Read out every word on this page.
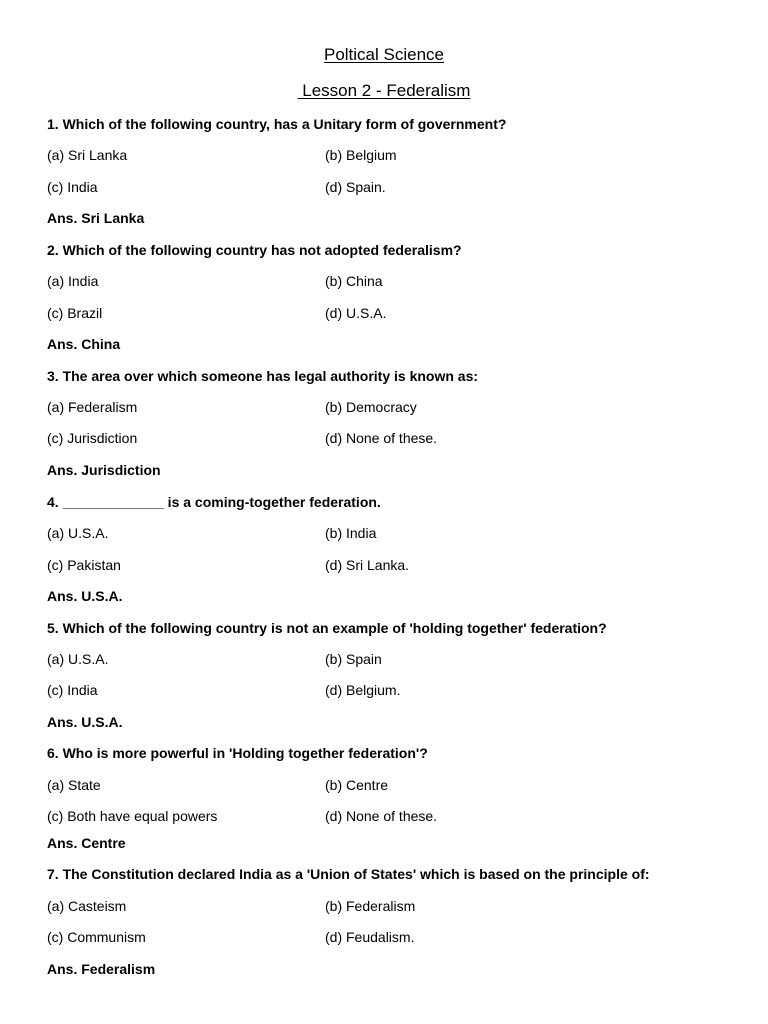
Poltical Science
Lesson 2 - Federalism
1. Which of the following country, has a Unitary form of government?
(a) Sri Lanka	(b) Belgium
(c) India	(d) Spain.
Ans. Sri Lanka
2. Which of the following country has not adopted federalism?
(a) India	(b) China
(c) Brazil	(d) U.S.A.
Ans. China
3. The area over which someone has legal authority is known as:
(a) Federalism	(b) Democracy
(c) Jurisdiction	(d) None of these.
Ans. Jurisdiction
4. _____________ is a coming-together federation.
(a) U.S.A.	(b) India
(c) Pakistan	(d) Sri Lanka.
Ans. U.S.A.
5. Which of the following country is not an example of 'holding together' federation?
(a) U.S.A.	(b) Spain
(c) India	(d) Belgium.
Ans. U.S.A.
6. Who is more powerful in 'Holding together federation'?
(a) State	(b) Centre
(c) Both have equal powers	(d) None of these.
Ans. Centre
7. The Constitution declared India as a 'Union of States' which is based on the principle of:
(a) Casteism	(b) Federalism
(c) Communism	(d) Feudalism.
Ans. Federalism
